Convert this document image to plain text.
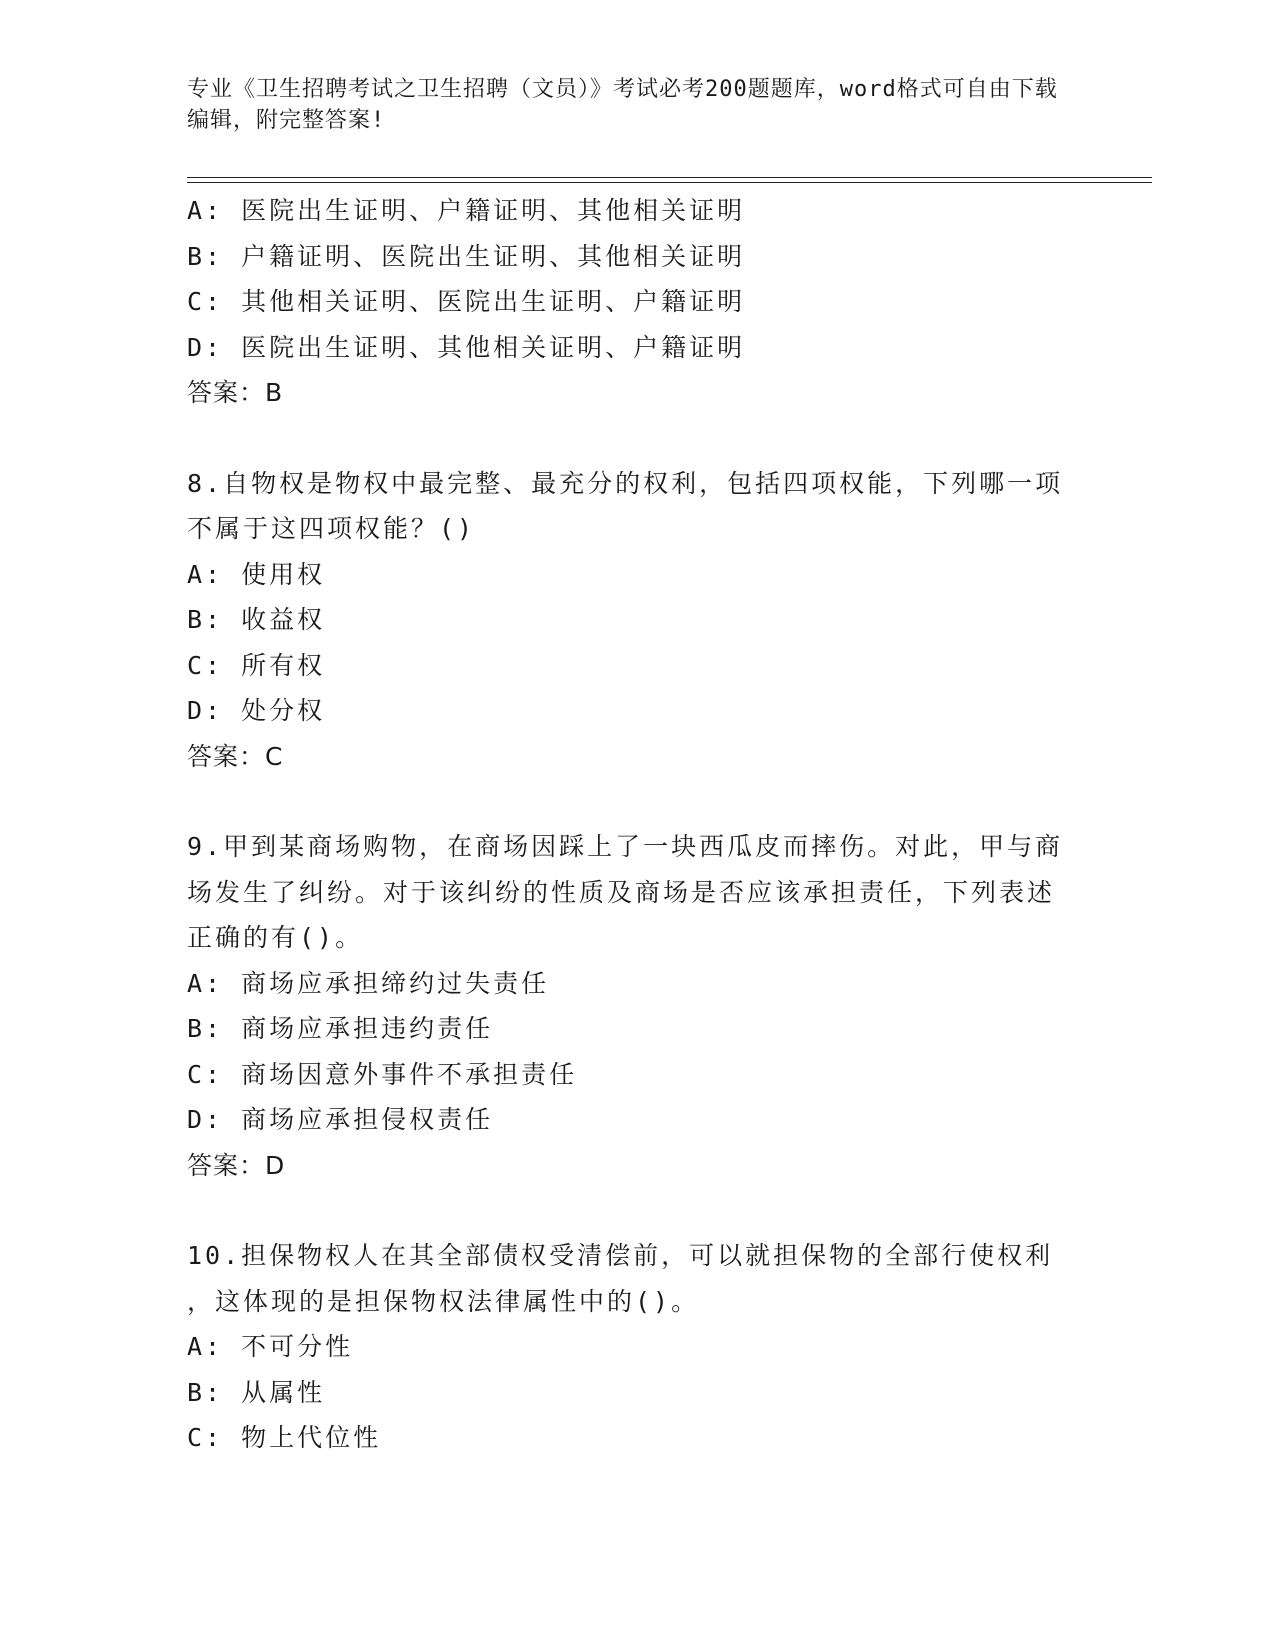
专业《卫生招聘考试之卫生招聘（文员）》考试必考200题题库，word格式可自由下载编辑，附完整答案!
A: 医院出生证明、户籍证明、其他相关证明
B: 户籍证明、医院出生证明、其他相关证明
C: 其他相关证明、医院出生证明、户籍证明
D: 医院出生证明、其他相关证明、户籍证明
答案：B
8.自物权是物权中最完整、最充分的权利，包括四项权能，下列哪一项不属于这四项权能？()
A: 使用权
B: 收益权
C: 所有权
D: 处分权
答案：C
9.甲到某商场购物，在商场因踩上了一块西瓜皮而摔伤。对此，甲与商场发生了纠纷。对于该纠纷的性质及商场是否应该承担责任，下列表述正确的有()。
A: 商场应承担缔约过失责任
B: 商场应承担违约责任
C: 商场因意外事件不承担责任
D: 商场应承担侵权责任
答案：D
10.担保物权人在其全部债权受清偿前，可以就担保物的全部行使权利
，这体现的是担保物权法律属性中的()。
A: 不可分性
B: 从属性
C: 物上代位性
